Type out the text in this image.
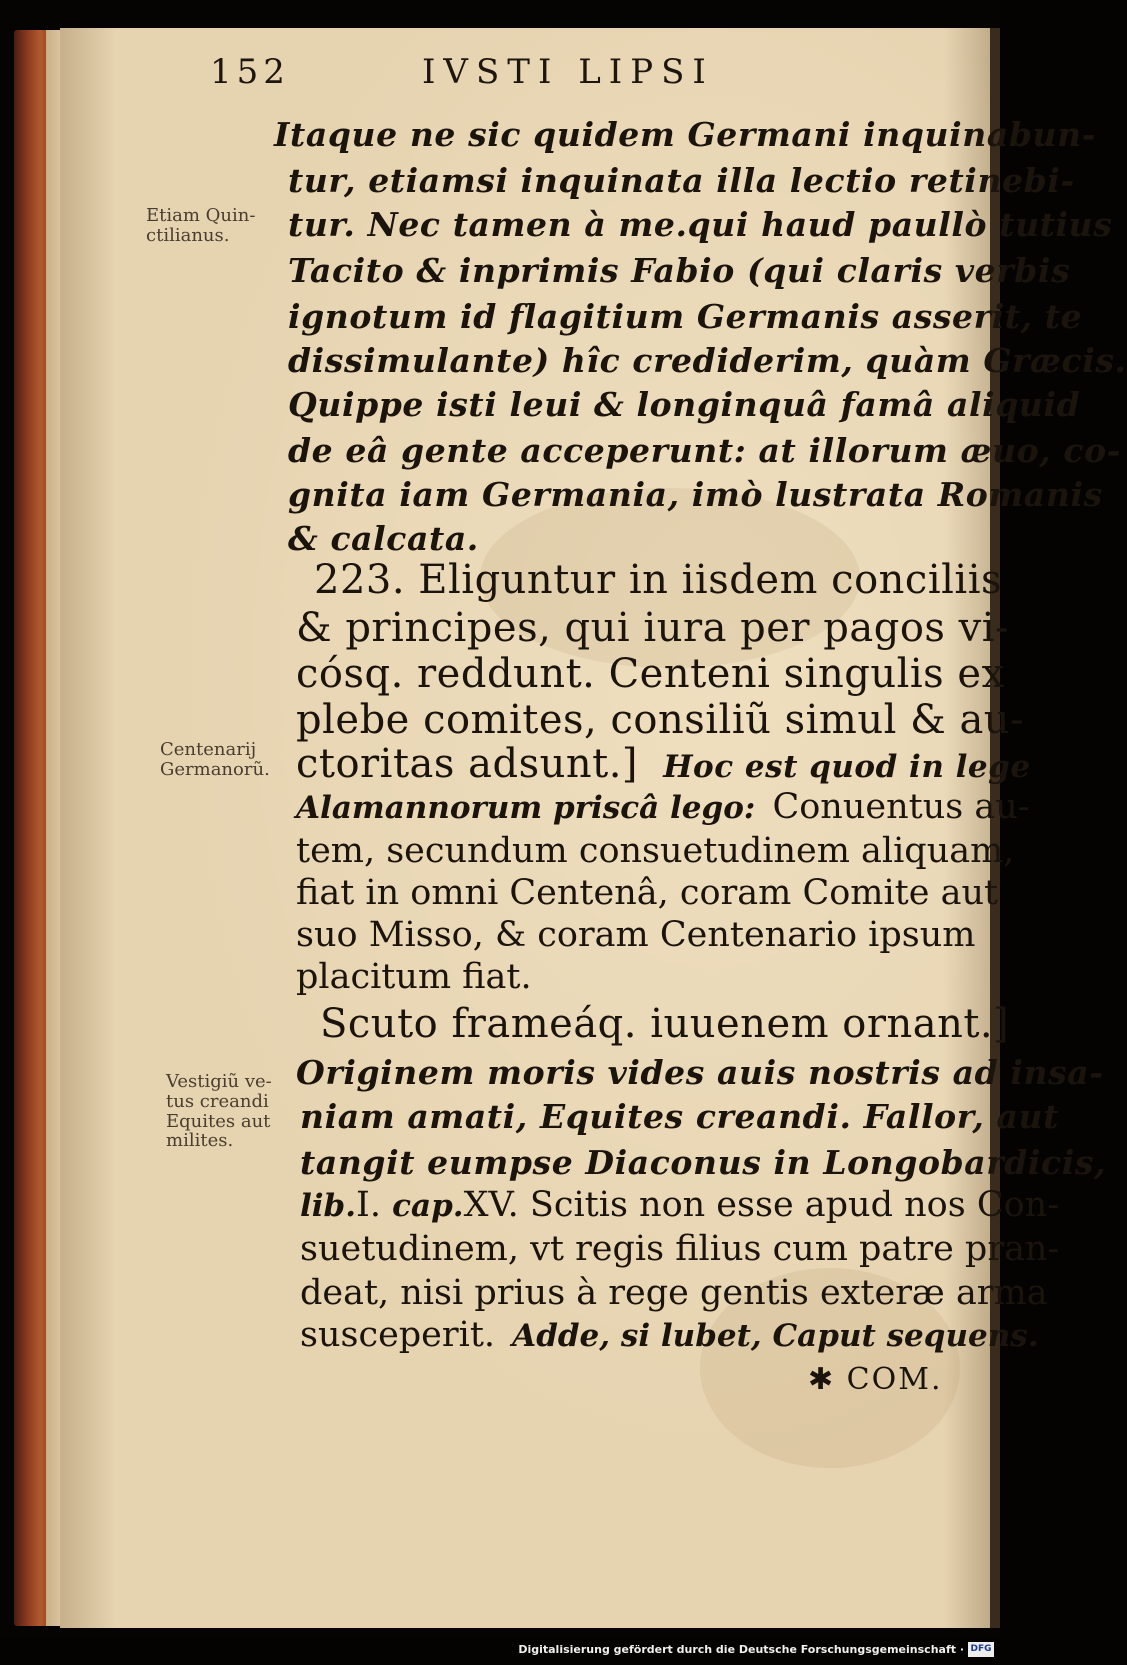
152	IVSTI LIPSI
Etiam Quin-
ctilianus.
Centenarij
Germanorũ.
Vestigiũ ve-
tus creandi
Equites aut
milites.
Itaque ne sic quidem Germani inquinabun-
tur, etiamsi inquinata illa lectio retinebi-
tur. Nec tamen à me.qui haud paullò tutius
Tacito & inprimis Fabio (qui claris verbis
ignotum id flagitium Germanis asserit, te
dissimulante) hîc crediderim, quàm Græcis.
Quippe isti leui & longinquâ famâ aliquid
de eâ gente acceperunt: at illorum æuo, co-
gnita iam Germania, imò lustrata Romanis
& calcata.
223. Eliguntur in iisdem conciliis
& principes, qui iura per pagos vi-
cósq. reddunt. Centeni singulis ex
plebe comites, consiliũ simul & au-
ctoritas adsunt.] Hoc est quod in lege
Alamannorum priscâ lego: Conuentus au-
tem, secundum consuetudinem aliquam,
fiat in omni Centenâ, coram Comite aut
suo Misso, & coram Centenario ipsum
placitum fiat.
Scuto frameáq. iuuenem ornant.]
Originem moris vides auis nostris ad insa-
niam amati, Equites creandi. Fallor, aut
tangit eumpse Diaconus in Longobardicis,
lib.I. cap.XV. Scitis non esse apud nos Con-
suetudinem, vt regis filius cum patre pran-
deat, nisi prius à rege gentis exteræ arma
susceperit. Adde, si lubet, Caput sequens.
✱ COM.
Digitalisierung gefördert durch die Deutsche Forschungsgemeinschaft · DFG
